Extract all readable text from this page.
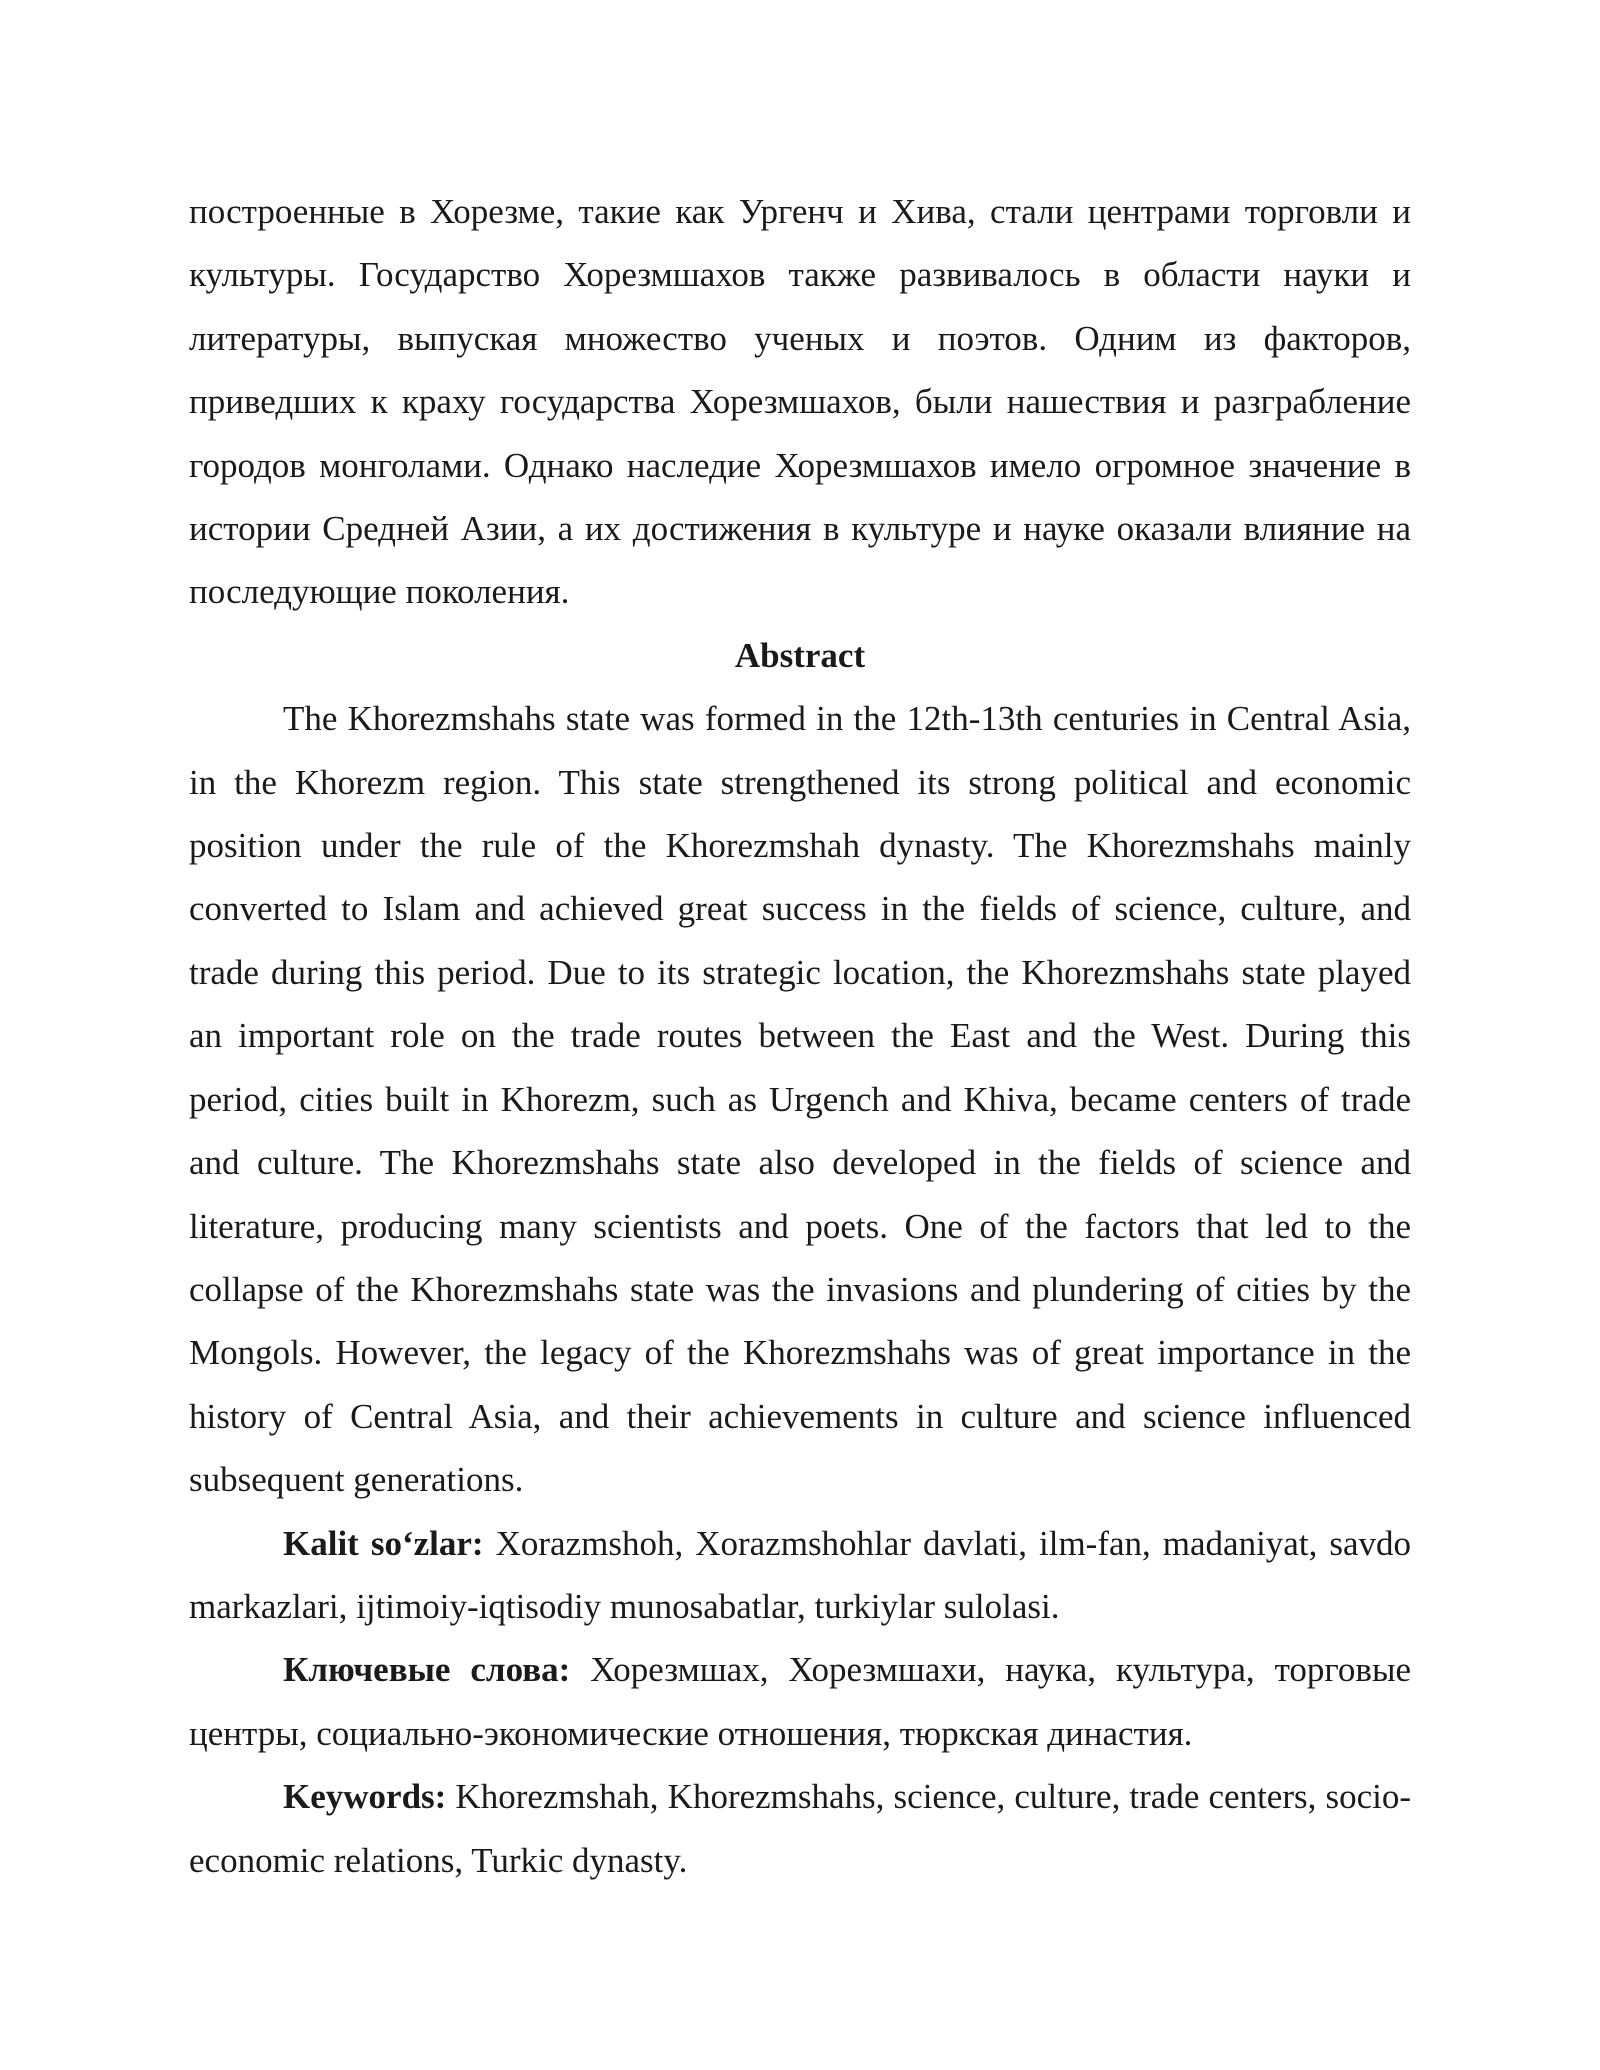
построенные в Хорезме, такие как Ургенч и Хива, стали центрами торговли и культуры. Государство Хорезмшахов также развивалось в области науки и литературы, выпуская множество ученых и поэтов. Одним из факторов, приведших к краху государства Хорезмшахов, были нашествия и разграбление городов монголами. Однако наследие Хорезмшахов имело огромное значение в истории Средней Азии, а их достижения в культуре и науке оказали влияние на последующие поколения.

Abstract

The Khorezmshahs state was formed in the 12th-13th centuries in Central Asia, in the Khorezm region. This state strengthened its strong political and economic position under the rule of the Khorezmshah dynasty. The Khorezmshahs mainly converted to Islam and achieved great success in the fields of science, culture, and trade during this period. Due to its strategic location, the Khorezmshahs state played an important role on the trade routes between the East and the West. During this period, cities built in Khorezm, such as Urgench and Khiva, became centers of trade and culture. The Khorezmshahs state also developed in the fields of science and literature, producing many scientists and poets. One of the factors that led to the collapse of the Khorezmshahs state was the invasions and plundering of cities by the Mongols. However, the legacy of the Khorezmshahs was of great importance in the history of Central Asia, and their achievements in culture and science influenced subsequent generations.

Kalit so‘zlar: Xorazmshoh, Xorazmshohlar davlati, ilm-fan, madaniyat, savdo markazlari, ijtimoiy-iqtisodiy munosabatlar, turkiylar sulolasi.

Ключевые слова: Хорезмшах, Хорезмшахи, наука, культура, торговые центры, социально-экономические отношения, тюркская династия.

Keywords: Khorezmshah, Khorezmshahs, science, culture, trade centers, socio-economic relations, Turkic dynasty.
